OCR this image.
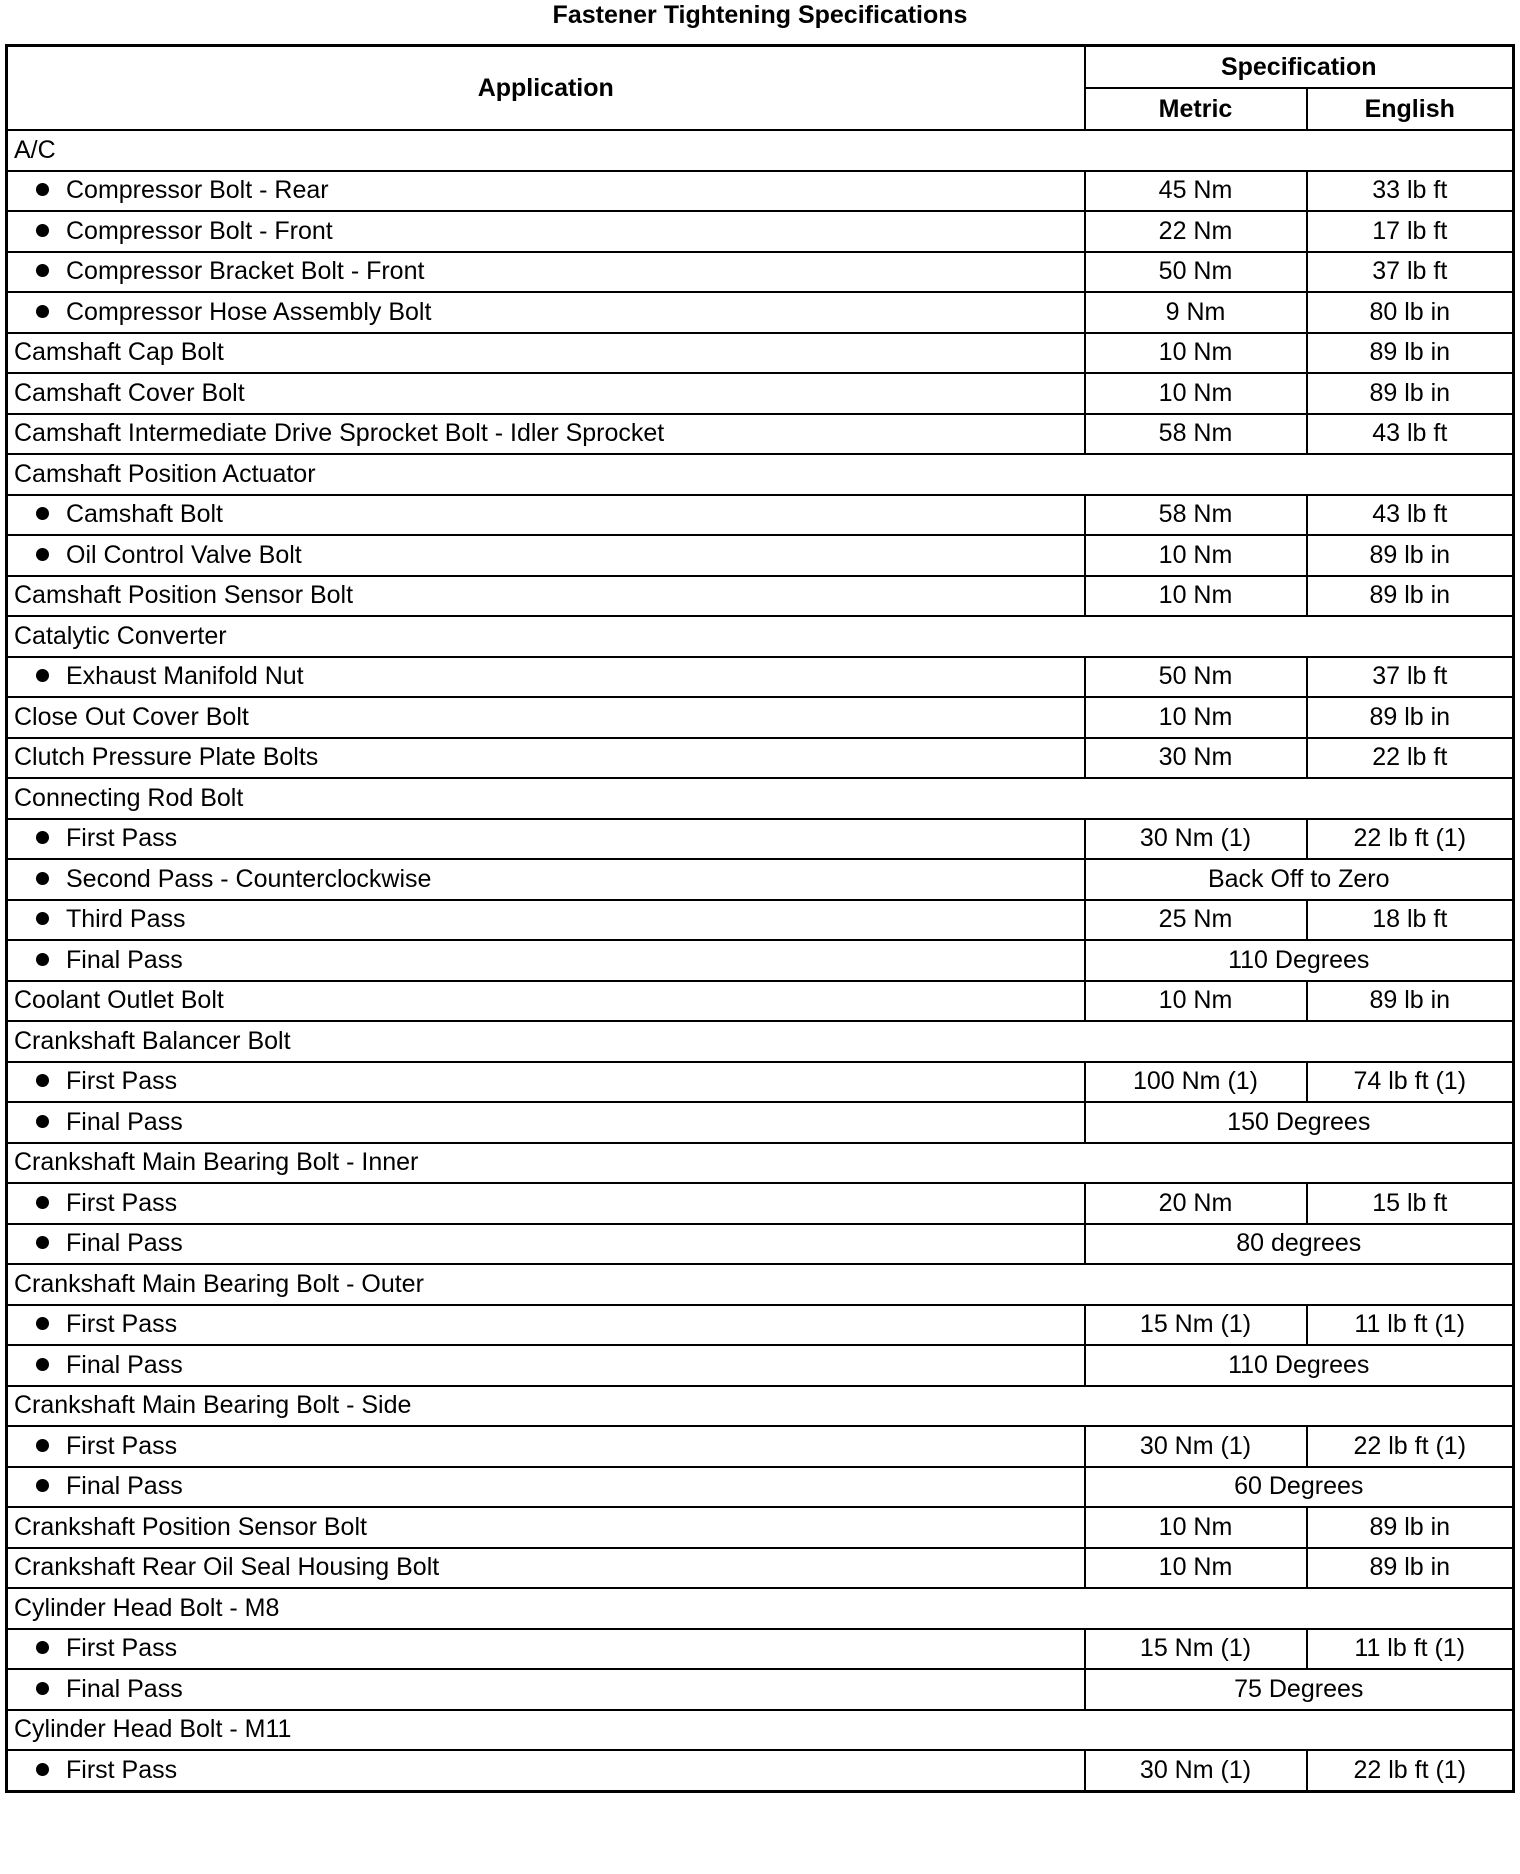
Fastener Tightening Specifications
Application	Specification	
	Metric	English
A/C		
Compressor Bolt - Rear	45 Nm	33 lb ft
Compressor Bolt - Front	22 Nm	17 lb ft
Compressor Bracket Bolt - Front	50 Nm	37 lb ft
Compressor Hose Assembly Bolt	9 Nm	80 lb in
Camshaft Cap Bolt	10 Nm	89 lb in
Camshaft Cover Bolt	10 Nm	89 lb in
Camshaft Intermediate Drive Sprocket Bolt - Idler Sprocket	58 Nm	43 lb ft
Camshaft Position Actuator		
Camshaft Bolt	58 Nm	43 lb ft
Oil Control Valve Bolt	10 Nm	89 lb in
Camshaft Position Sensor Bolt	10 Nm	89 lb in
Catalytic Converter		
Exhaust Manifold Nut	50 Nm	37 lb ft
Close Out Cover Bolt	10 Nm	89 lb in
Clutch Pressure Plate Bolts	30 Nm	22 lb ft
Connecting Rod Bolt		
First Pass	30 Nm (1)	22 lb ft (1)
Second Pass - Counterclockwise	Back Off to Zero	
Third Pass	25 Nm	18 lb ft
Final Pass	110 Degrees	
Coolant Outlet Bolt	10 Nm	89 lb in
Crankshaft Balancer Bolt		
First Pass	100 Nm (1)	74 lb ft (1)
Final Pass	150 Degrees	
Crankshaft Main Bearing Bolt - Inner		
First Pass	20 Nm	15 lb ft
Final Pass	80 degrees	
Crankshaft Main Bearing Bolt - Outer		
First Pass	15 Nm (1)	11 lb ft (1)
Final Pass	110 Degrees	
Crankshaft Main Bearing Bolt - Side		
First Pass	30 Nm (1)	22 lb ft (1)
Final Pass	60 Degrees	
Crankshaft Position Sensor Bolt	10 Nm	89 lb in
Crankshaft Rear Oil Seal Housing Bolt	10 Nm	89 lb in
Cylinder Head Bolt - M8		
First Pass	15 Nm (1)	11 lb ft (1)
Final Pass	75 Degrees	
Cylinder Head Bolt - M11		
First Pass	30 Nm (1)	22 lb ft (1)
